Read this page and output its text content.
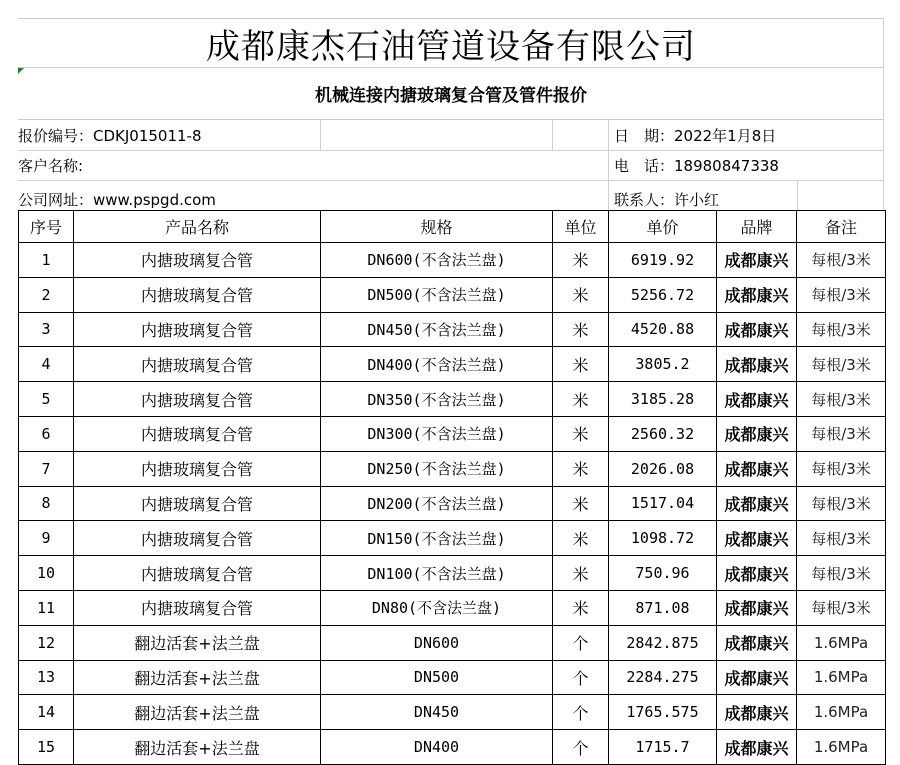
成都康杰石油管道设备有限公司
机械连接内搪玻璃复合管及管件报价
报价编号：CDKJ015011-8	日　期：2022年1月8日
客户名称:	电　话：18980847338
公司网址：www.pspgd.com	联系人：许小红
序号	产品名称	规格	单位	单价	品牌	备注
1	内搪玻璃复合管	DN600(不含法兰盘)	米	6919.92	成都康兴	每根/3米
2	内搪玻璃复合管	DN500(不含法兰盘)	米	5256.72	成都康兴	每根/3米
3	内搪玻璃复合管	DN450(不含法兰盘)	米	4520.88	成都康兴	每根/3米
4	内搪玻璃复合管	DN400(不含法兰盘)	米	3805.2	成都康兴	每根/3米
5	内搪玻璃复合管	DN350(不含法兰盘)	米	3185.28	成都康兴	每根/3米
6	内搪玻璃复合管	DN300(不含法兰盘)	米	2560.32	成都康兴	每根/3米
7	内搪玻璃复合管	DN250(不含法兰盘)	米	2026.08	成都康兴	每根/3米
8	内搪玻璃复合管	DN200(不含法兰盘)	米	1517.04	成都康兴	每根/3米
9	内搪玻璃复合管	DN150(不含法兰盘)	米	1098.72	成都康兴	每根/3米
10	内搪玻璃复合管	DN100(不含法兰盘)	米	750.96	成都康兴	每根/3米
11	内搪玻璃复合管	DN80(不含法兰盘)	米	871.08	成都康兴	每根/3米
12	翻边活套+法兰盘	DN600	个	2842.875	成都康兴	1.6MPa
13	翻边活套+法兰盘	DN500	个	2284.275	成都康兴	1.6MPa
14	翻边活套+法兰盘	DN450	个	1765.575	成都康兴	1.6MPa
15	翻边活套+法兰盘	DN400	个	1715.7	成都康兴	1.6MPa
